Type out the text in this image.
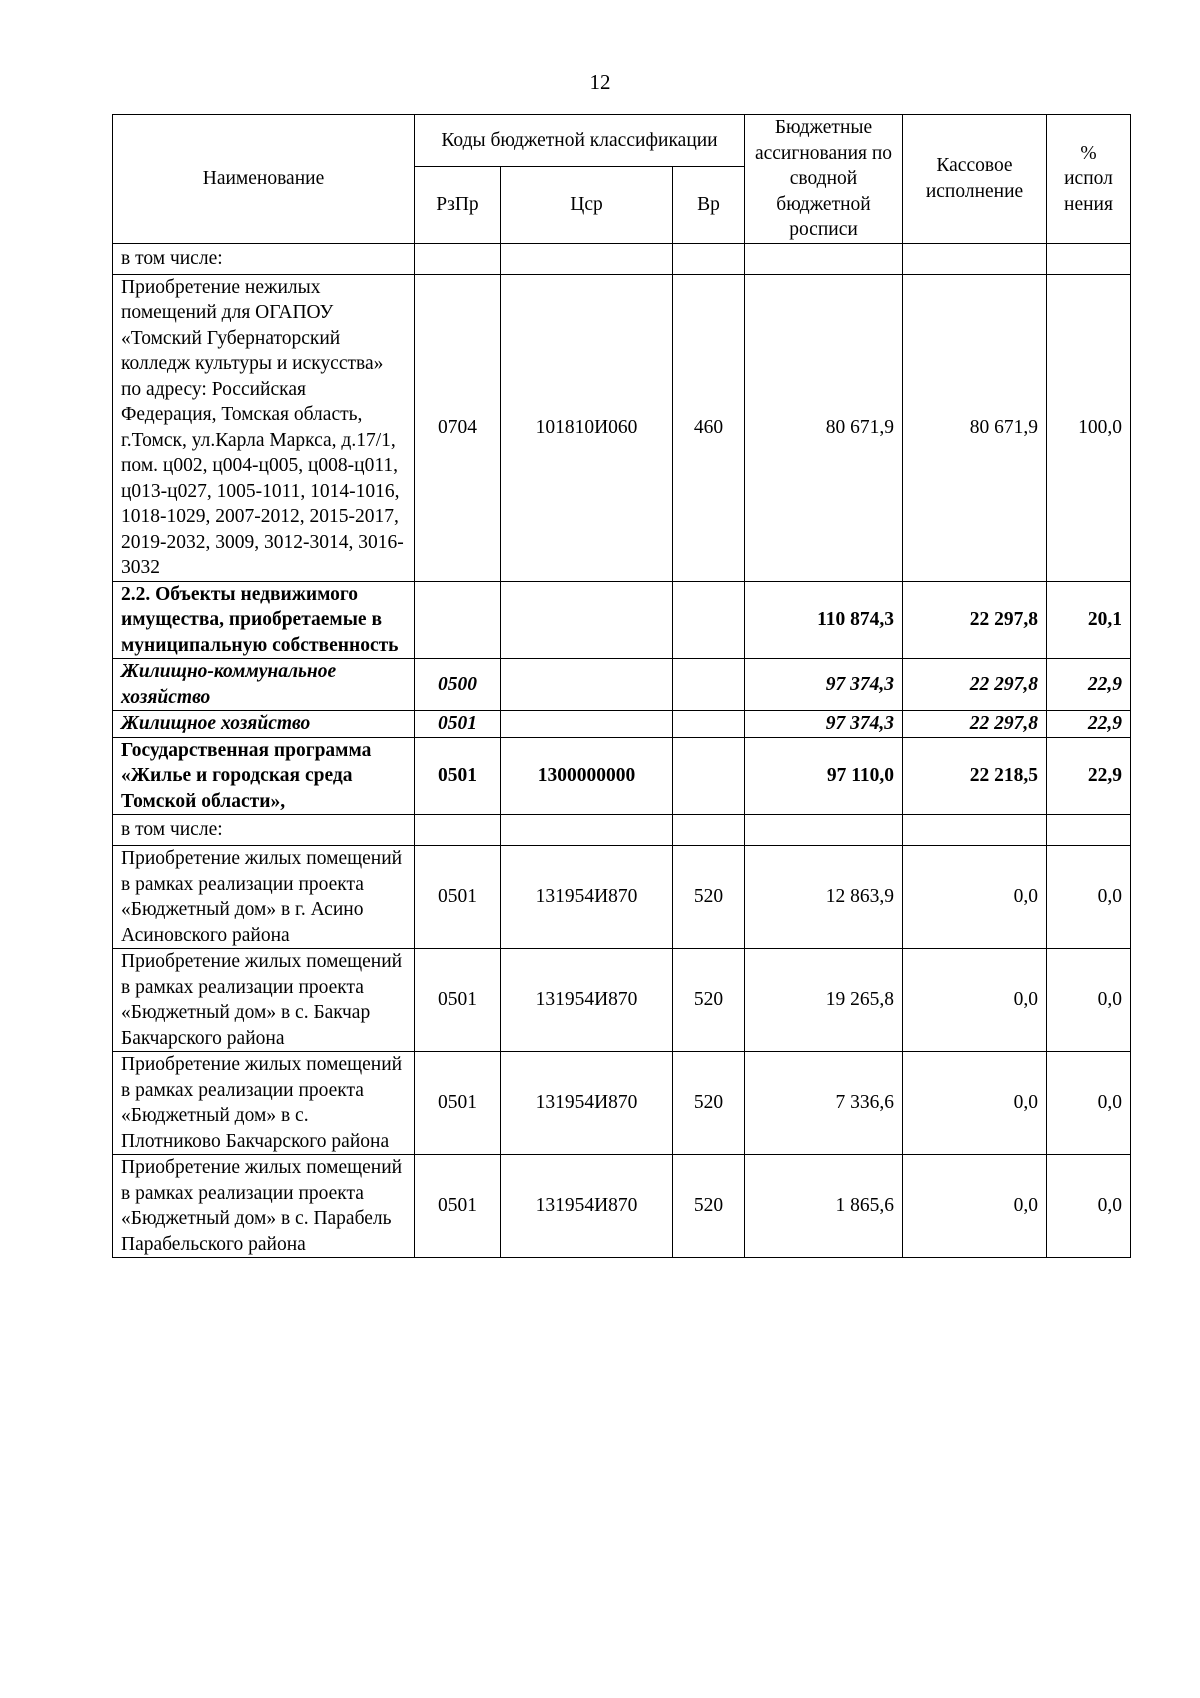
12
Наименование	Коды бюджетной классификации			Бюджетные ассигнования по сводной бюджетной росписи	Кассовое исполнение	% испол нения
	РзПр	Цср	Вр			
в том числе:						
Приобретение нежилых помещений для ОГАПОУ «Томский Губернаторский колледж культуры и искусства» по адресу: Российская Федерация, Томская область, г.Томск, ул.Карла Маркса, д.17/1, пом. ц002, ц004-ц005, ц008-ц011, ц013-ц027, 1005-1011, 1014-1016, 1018-1029, 2007-2012, 2015-2017, 2019-2032, 3009, 3012-3014, 3016-3032	0704	101810И060	460	80 671,9	80 671,9	100,0
2.2. Объекты недвижимого имущества, приобретаемые в муниципальную собственность				110 874,3	22 297,8	20,1
Жилищно-коммунальное хозяйство	0500			97 374,3	22 297,8	22,9
Жилищное хозяйство	0501			97 374,3	22 297,8	22,9
Государственная программа «Жилье и городская среда Томской области»,	0501	1300000000		97 110,0	22 218,5	22,9
в том числе:						
Приобретение жилых помещений в рамках реализации проекта «Бюджетный дом» в г. Асино Асиновского района	0501	131954И870	520	12 863,9	0,0	0,0
Приобретение жилых помещений в рамках реализации проекта «Бюджетный дом» в с. Бакчар Бакчарского района	0501	131954И870	520	19 265,8	0,0	0,0
Приобретение жилых помещений в рамках реализации проекта «Бюджетный дом» в с. Плотниково Бакчарского района	0501	131954И870	520	7 336,6	0,0	0,0
Приобретение жилых помещений в рамках реализации проекта «Бюджетный дом» в с. Парабель Парабельского района	0501	131954И870	520	1 865,6	0,0	0,0
